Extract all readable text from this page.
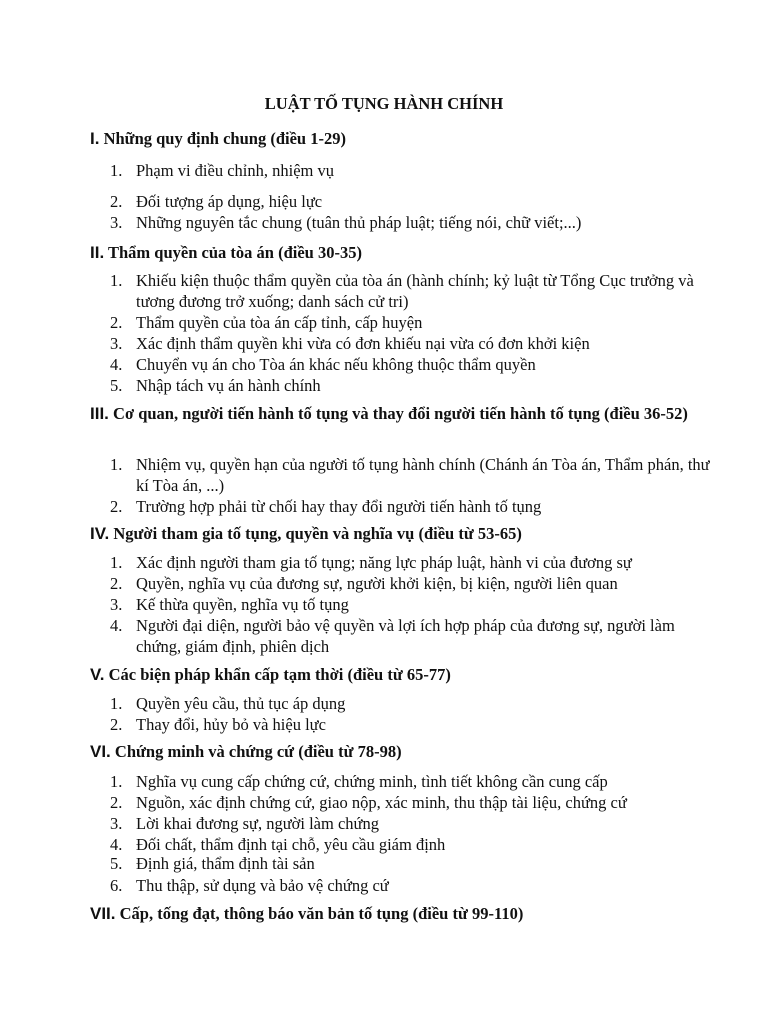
LUẬT TỐ TỤNG HÀNH CHÍNH
I. Những quy định chung (điều 1-29)
1. Phạm vi điều chỉnh, nhiệm vụ
2. Đối tượng áp dụng, hiệu lực
3. Những nguyên tắc chung (tuân thủ pháp luật; tiếng nói, chữ viết;...)
II. Thẩm quyền của tòa án (điều 30-35)
1. Khiếu kiện thuộc thẩm quyền của tòa án (hành chính; kỷ luật từ Tổng Cục trưởng và tương đương trở xuống; danh sách cử tri)
2. Thẩm quyền của tòa án cấp tỉnh, cấp huyện
3. Xác định thẩm quyền khi vừa có đơn khiếu nại vừa có đơn khởi kiện
4. Chuyển vụ án cho Tòa án khác nếu không thuộc thẩm quyền
5. Nhập tách vụ án hành chính
III. Cơ quan, người tiến hành tố tụng và thay đổi người tiến hành tố tụng (điều 36-52)
1. Nhiệm vụ, quyền hạn của người tố tụng hành chính (Chánh án Tòa án, Thẩm phán, thư kí Tòa án, ...)
2. Trường hợp phải từ chối hay thay đổi người tiến hành tố tụng
IV. Người tham gia tố tụng, quyền và nghĩa vụ (điều từ 53-65)
1. Xác định người tham gia tố tụng; năng lực pháp luật, hành vi của đương sự
2. Quyền, nghĩa vụ của đương sự, người khởi kiện, bị kiện, người liên quan
3. Kế thừa quyền, nghĩa vụ tố tụng
4. Người đại diện, người bảo vệ quyền và lợi ích hợp pháp của đương sự, người làm chứng, giám định, phiên dịch
V. Các biện pháp khẩn cấp tạm thời (điều từ 65-77)
1. Quyền yêu cầu, thủ tục áp dụng
2. Thay đổi, hủy bỏ và hiệu lực
VI. Chứng minh và chứng cứ (điều từ 78-98)
1. Nghĩa vụ cung cấp chứng cứ, chứng minh, tình tiết không cần cung cấp
2. Nguồn, xác định chứng cứ, giao nộp, xác minh, thu thập tài liệu, chứng cứ
3. Lời khai đương sự, người làm chứng
4. Đối chất, thẩm định tại chỗ, yêu cầu giám định
5. Định giá, thẩm định tài sản
6. Thu thập, sử dụng và bảo vệ chứng cứ
VII. Cấp, tống đạt, thông báo văn bản tố tụng (điều từ 99-110)
